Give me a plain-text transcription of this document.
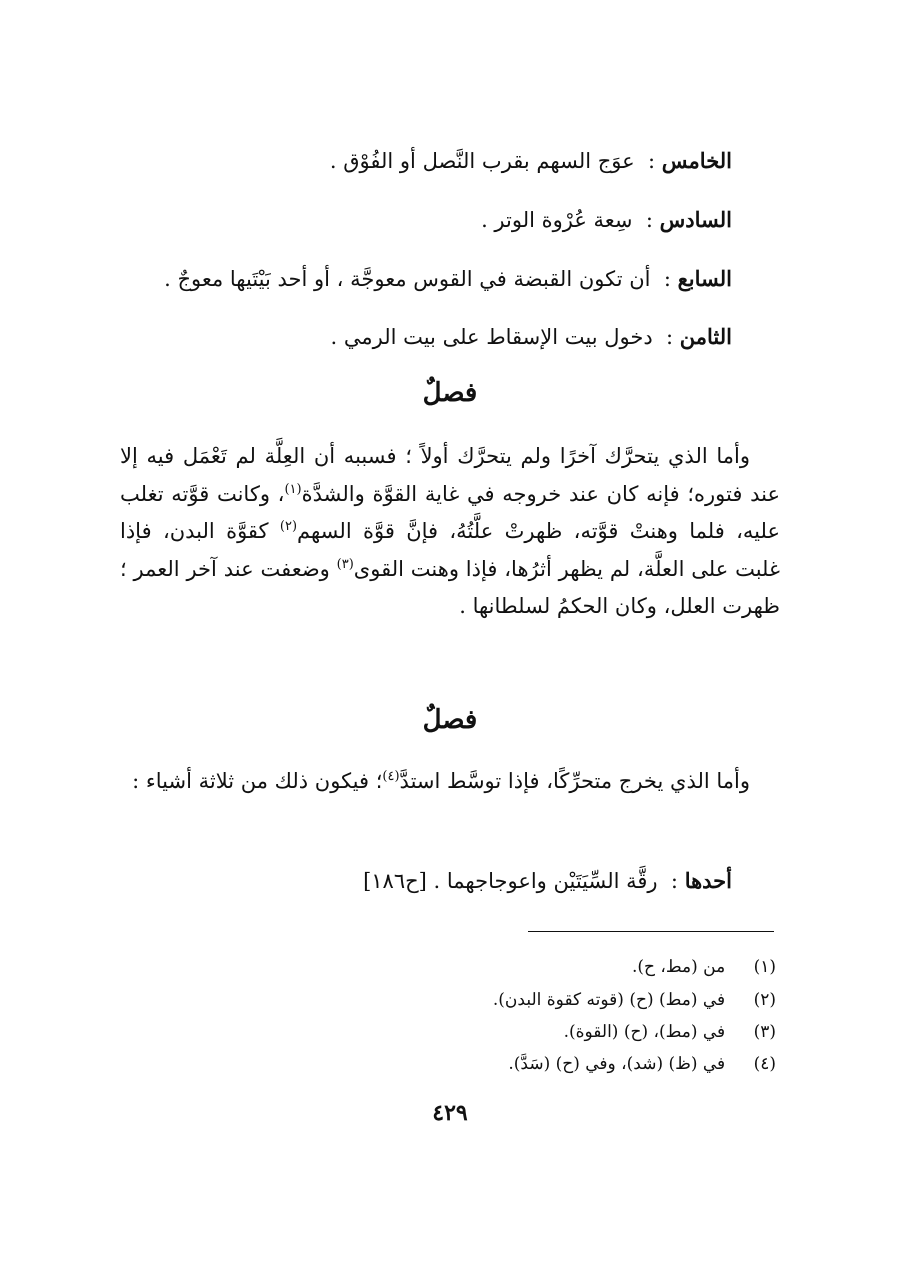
الخامس :  عوَج السهم بقرب النَّصل أو الفُوْق .
السادس :  سِعة عُرْوة الوتر .
السابع :  أن تكون القبضة في القوس معوجَّة ، أو أحد بَيْتَيها معوجٌ .
الثامن :  دخول بيت الإسقاط على بيت الرمي .
فصلٌ
وأما الذي يتحرَّك آخرًا ولم يتحرَّك أولاً ؛ فسببه أن العِلَّة لم تَعْمَل فيه إلا عند فتوره؛ فإنه كان عند خروجه في غاية القوَّة والشدَّة$^{(١)}$، وكانت قوَّته تغلب عليه، فلما وهنتْ قوَّته، ظهرتْ علَّتُهُ، فإنَّ قوَّة السهم$^{(٢)}$ كقوَّة البدن، فإذا غلبت على العلَّة، لم يظهر أثرُها، فإذا وهنت القوى$^{(٣)}$ وضعفت عند آخر العمر ؛ ظهرت العلل، وكان الحكمُ لسلطانها .
فصلٌ
وأما الذي يخرج متحرِّكًا، فإذا توسَّط استدَّ$^{(٤)}$؛ فيكون ذلك من ثلاثة أشياء :
أحدها :  رقَّة السِّيَتَيْن واعوجاجهما . [ح١٨٦]
(١)  من (مط، ح).
(٢)  في (مط) (ح) (قوته كقوة البدن).
(٣)  في (مط)، (ح) (القوة).
(٤)  في (ظ) (شد)، وفي (ح) (سَدَّ).
٤٢٩
